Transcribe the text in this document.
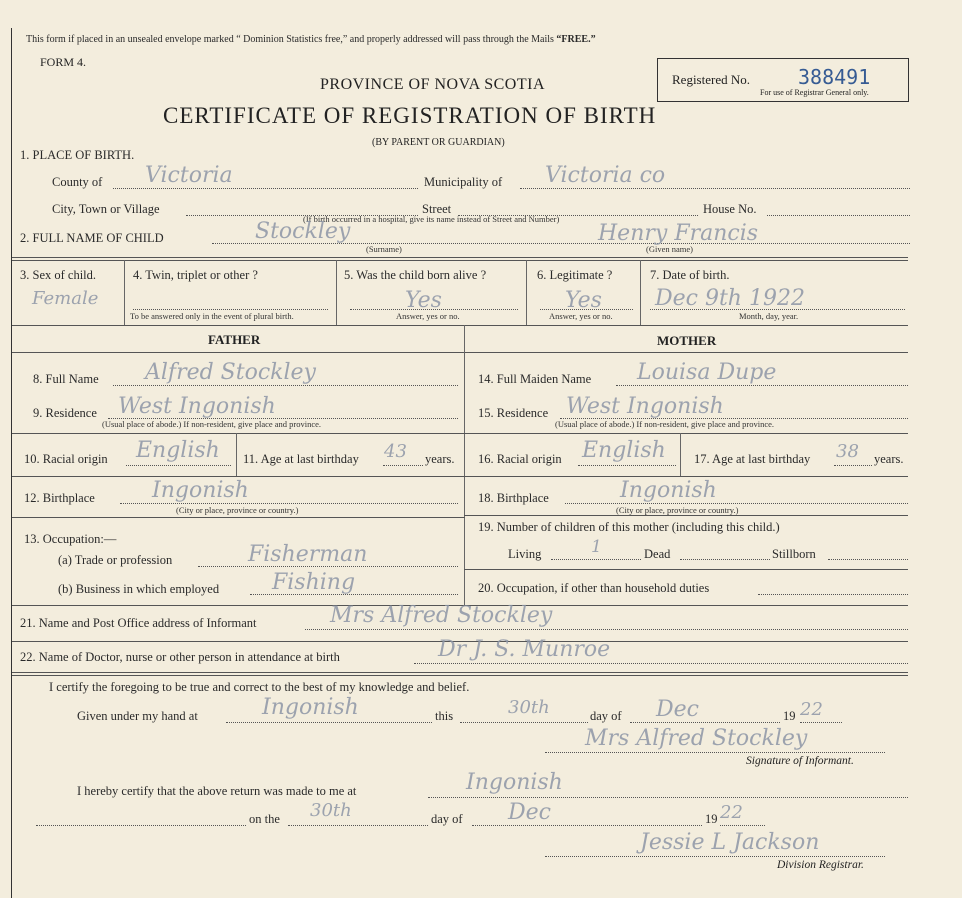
This form if placed in an unsealed envelope marked “ Dominion Statistics free,” and properly addressed will pass through the Mails “FREE.”
FORM 4.
PROVINCE OF NOVA SCOTIA
CERTIFICATE OF REGISTRATION OF BIRTH
(BY PARENT OR GUARDIAN)
Registered No. 388491
For use of Registrar General only.
1. PLACE OF BIRTH.
County of Victoria	Municipality of Victoria co
City, Town or Village	Street	House No.
(If birth occurred in a hospital, give its name instead of Street and Number)
2. FULL NAME OF CHILD	Stockley
(Surname)
Henry Francis
(Given name)
3. Sex of child.
Female
4. Twin, triplet or other ?
To be answered only in the event of plural birth.
5. Was the child born alive ?
Yes
Answer, yes or no.
6. Legitimate ?
Yes
Answer, yes or no.
7. Date of birth.
Dec 9th 1922
Month, day, year.
FATHER	MOTHER
8. Full Name Alfred Stockley	14. Full Maiden Name Louisa Dupe
9. Residence West Ingonish
(Usual place of abode.) If non-resident, give place and province.
15. Residence West Ingonish
(Usual place of abode.) If non-resident, give place and province.
10. Racial origin English 11. Age at last birthday 43 years. 16. Racial origin English 17. Age at last birthday 38 years.
12. Birthplace	Ingonish
(City or place, province or country.)
18. Birthplace	Ingonish
(City or place, province or country.)
13. Occupation:—
(a) Trade or profession	Fisherman
(b) Business in which employed Fishing
19. Number of children of this mother (including this child.)
Living	1	Dead	Stillborn
20. Occupation, if other than household duties
21. Name and Post Office address of Informant	Mrs Alfred Stockley
22. Name of Doctor, nurse or other person in attendance at birth	Dr J. S. Munroe
I certify the foregoing to be true and correct to the best of my knowledge and belief.
Given under my hand at	Ingonish	this	30th	day of Dec	19 22
Mrs Alfred Stockley
Signature of Informant.
I hereby certify that the above return was made to me at	Ingonish
on the 30th	day of Dec	19 22
Jessie L Jackson
Division Registrar.
